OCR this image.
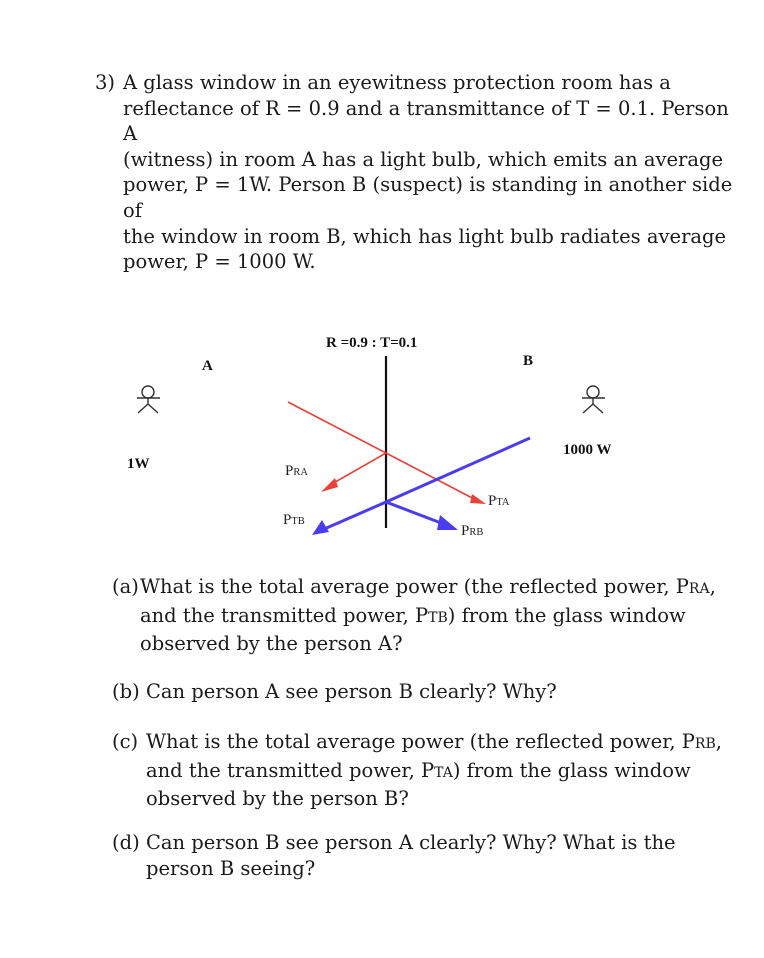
3) A glass window in an eyewitness protection room has a
reflectance of R = 0.9 and a transmittance of T = 0.1. Person A
(witness) in room A has a light bulb, which emits an average
power, P = 1W. Person B (suspect) is standing in another side of
the window in room B, which has light bulb radiates average
power, P = 1000 W.
R =0.9 : T=0.1
A	B
1W
1000 W
PRA
PTB
PTA
PRB
(a) What is the total average power (the reflected power, PRA,
and the transmitted power, PTB) from the glass window
observed by the person A?
(b) Can person A see person B clearly? Why?
(c) What is the total average power (the reflected power, PRB,
and the transmitted power, PTA) from the glass window
observed by the person B?
(d) Can person B see person A clearly? Why? What is the
person B seeing?
